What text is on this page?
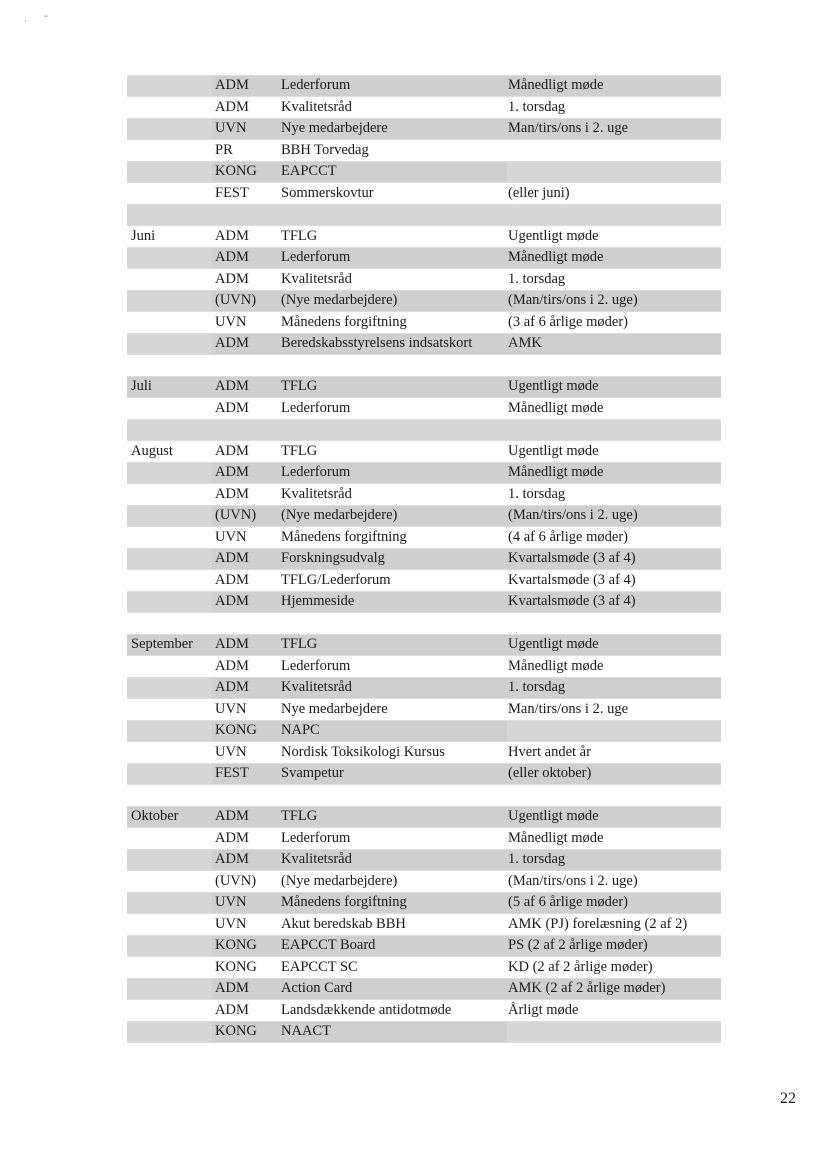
· “
ADM	Lederforum	Månedligt møde
ADM	Kvalitetsråd	1. torsdag
UVN	Nye medarbejdere	Man/tirs/ons i 2. uge
PR	BBH Torvedag
KONG	EAPCCT
FEST	Sommerskovtur	(eller juni)
Juni	ADM	TFLG	Ugentligt møde
ADM	Lederforum	Månedligt møde
ADM	Kvalitetsråd	1. torsdag
(UVN)	(Nye medarbejdere)	(Man/tirs/ons i 2. uge)
UVN	Månedens forgiftning	(3 af 6 årlige møder)
ADM	Beredskabsstyrelsens indsatskort	AMK
Juli	ADM	TFLG	Ugentligt møde
ADM	Lederforum	Månedligt møde
August	ADM	TFLG	Ugentligt møde
ADM	Lederforum	Månedligt møde
ADM	Kvalitetsråd	1. torsdag
(UVN)	(Nye medarbejdere)	(Man/tirs/ons i 2. uge)
UVN	Månedens forgiftning	(4 af 6 årlige møder)
ADM	Forskningsudvalg	Kvartalsmøde (3 af 4)
ADM	TFLG/Lederforum	Kvartalsmøde (3 af 4)
ADM	Hjemmeside	Kvartalsmøde (3 af 4)
September	ADM	TFLG	Ugentligt møde
ADM	Lederforum	Månedligt møde
ADM	Kvalitetsråd	1. torsdag
UVN	Nye medarbejdere	Man/tirs/ons i 2. uge
KONG	NAPC
UVN	Nordisk Toksikologi Kursus	Hvert andet år
FEST	Svampetur	(eller oktober)
Oktober	ADM	TFLG	Ugentligt møde
ADM	Lederforum	Månedligt møde
ADM	Kvalitetsråd	1. torsdag
(UVN)	(Nye medarbejdere)	(Man/tirs/ons i 2. uge)
UVN	Månedens forgiftning	(5 af 6 årlige møder)
UVN	Akut beredskab BBH	AMK (PJ) forelæsning (2 af 2)
KONG	EAPCCT Board	PS (2 af 2 årlige møder)
KONG	EAPCCT SC	KD (2 af 2 årlige møder)
ADM	Action Card	AMK (2 af 2 årlige møder)
ADM	Landsdækkende antidotmøde	Årligt møde
KONG	NAACT
22
